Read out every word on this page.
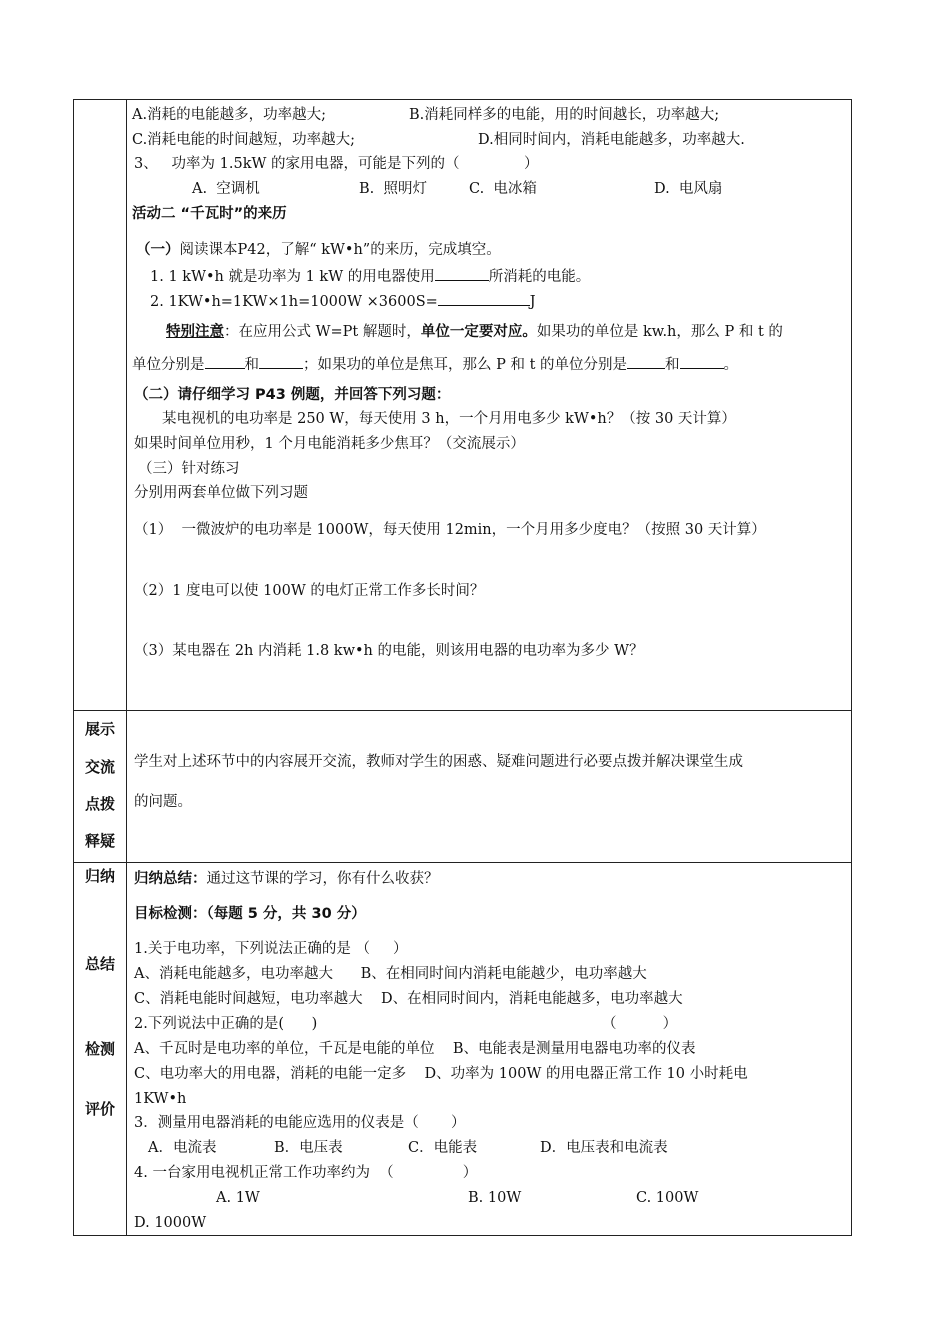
A.消耗的电能越多，功率越大;	B.消耗同样多的电能，用的时间越长，功率越大;
C.消耗电能的时间越短，功率越大;	D.相同时间内，消耗电能越多，功率越大.
3、   功率为 1.5kW 的家用电器，可能是下列的（              ）
A.  空调机	B.  照明灯	C.  电冰箱	D.  电风扇
活动二 “千瓦时”的来历
（一）阅读课本P42，了解“ kW•h”的来历，完成填空。
1. 1 kW•h 就是功率为 1 kW 的用电器使用	所消耗的电能。
2. 1KW•h=1KW×1h=1000W ×3600S=	J
特别注意：在应用公式 W=Pt 解题时，单位一定要对应。如果功的单位是 kw.h，那么 P 和 t 的
单位分别是	和	；如果功的单位是焦耳，那么 P 和 t 的单位分别是	和	。
（二）请仔细学习 P43 例题，并回答下列习题：
某电视机的电功率是 250 W，每天使用 3 h，一个月用电多少 kW•h？（按 30 天计算）
如果时间单位用秒，1 个月电能消耗多少焦耳？（交流展示）
（三）针对练习
分别用两套单位做下列习题
（1）  一微波炉的电功率是 1000W，每天使用 12min，一个月用多少度电？（按照 30 天计算）
（2）1 度电可以使 100W 的电灯正常工作多长时间？
（3）某电器在 2h 内消耗 1.8 kw•h 的电能，则该用电器的电功率为多少 W？
展示
交流
点拨
释疑
学生对上述环节中的内容展开交流，教师对学生的困惑、疑难问题进行必要点拨并解决课堂生成
的问题。
归纳
总结
检测
评价
归纳总结：通过这节课的学习，你有什么收获？
目标检测：（每题 5 分，共 30 分）
1.关于电功率，下列说法正确的是 （     ）
A、消耗电能越多，电功率越大      B、在相同时间内消耗电能越少，电功率越大
C、消耗电能时间越短，电功率越大    D、在相同时间内，消耗电能越多，电功率越大
2.下列说法中正确的是(      )	（          ）
A、千瓦时是电功率的单位，千瓦是电能的单位    B、电能表是测量用电器电功率的仪表
C、电功率大的用电器，消耗的电能一定多    D、功率为 100W 的用电器正常工作 10 小时耗电
1KW•h
3．测量用电器消耗的电能应选用的仪表是（       ）
A．电流表	B．电压表	C．电能表	D．电压表和电流表
4. 一台家用电视机正常工作功率约为  （               ）
A. 1W	B. 10W	C. 100W
D. 1000W
